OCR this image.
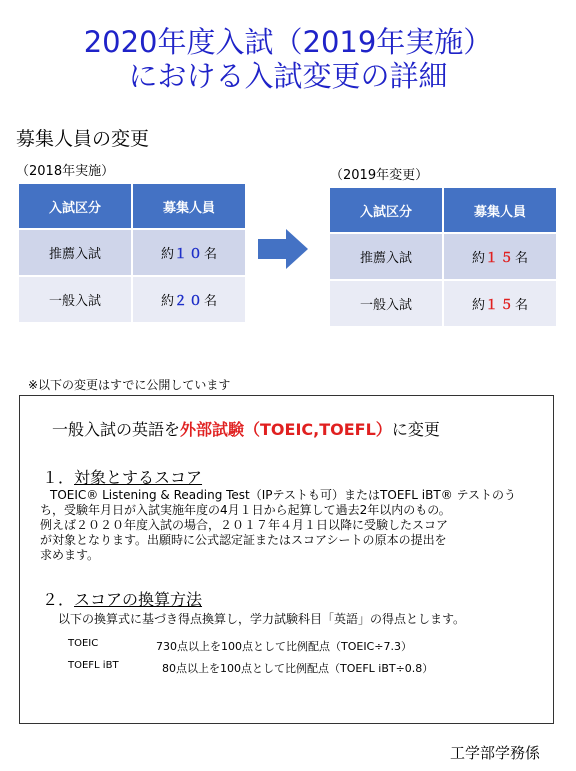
2020年度入試（2019年実施）
における入試変更の詳細
募集人員の変更
（2018年実施）
入試区分	募集人員
推薦入試	約１０名
一般入試	約２０名
（2019年変更）
入試区分	募集人員
推薦入試	約１５名
一般入試	約１５名
※以下の変更はすでに公開しています
一般入試の英語を外部試験（TOEIC,TOEFL）に変更
１．対象とするスコア
TOEIC® Listening & Reading Test（IPテストも可）またはTOEFL iBT® テストのう
ち，受験年月日が入試実施年度の4月１日から起算して過去2年以内のもの。
例えば２０２０年度入試の場合，２０１７年４月１日以降に受験したスコア
が対象となります。出願時に公式認定証またはスコアシートの原本の提出を
求めます。
２．スコアの換算方法
以下の換算式に基づき得点換算し，学力試験科目「英語」の得点とします。
TOEIC	730点以上を100点として比例配点（TOEIC÷7.3）
TOEFL iBT	80点以上を100点として比例配点（TOEFL iBT÷0.8）
工学部学務係
